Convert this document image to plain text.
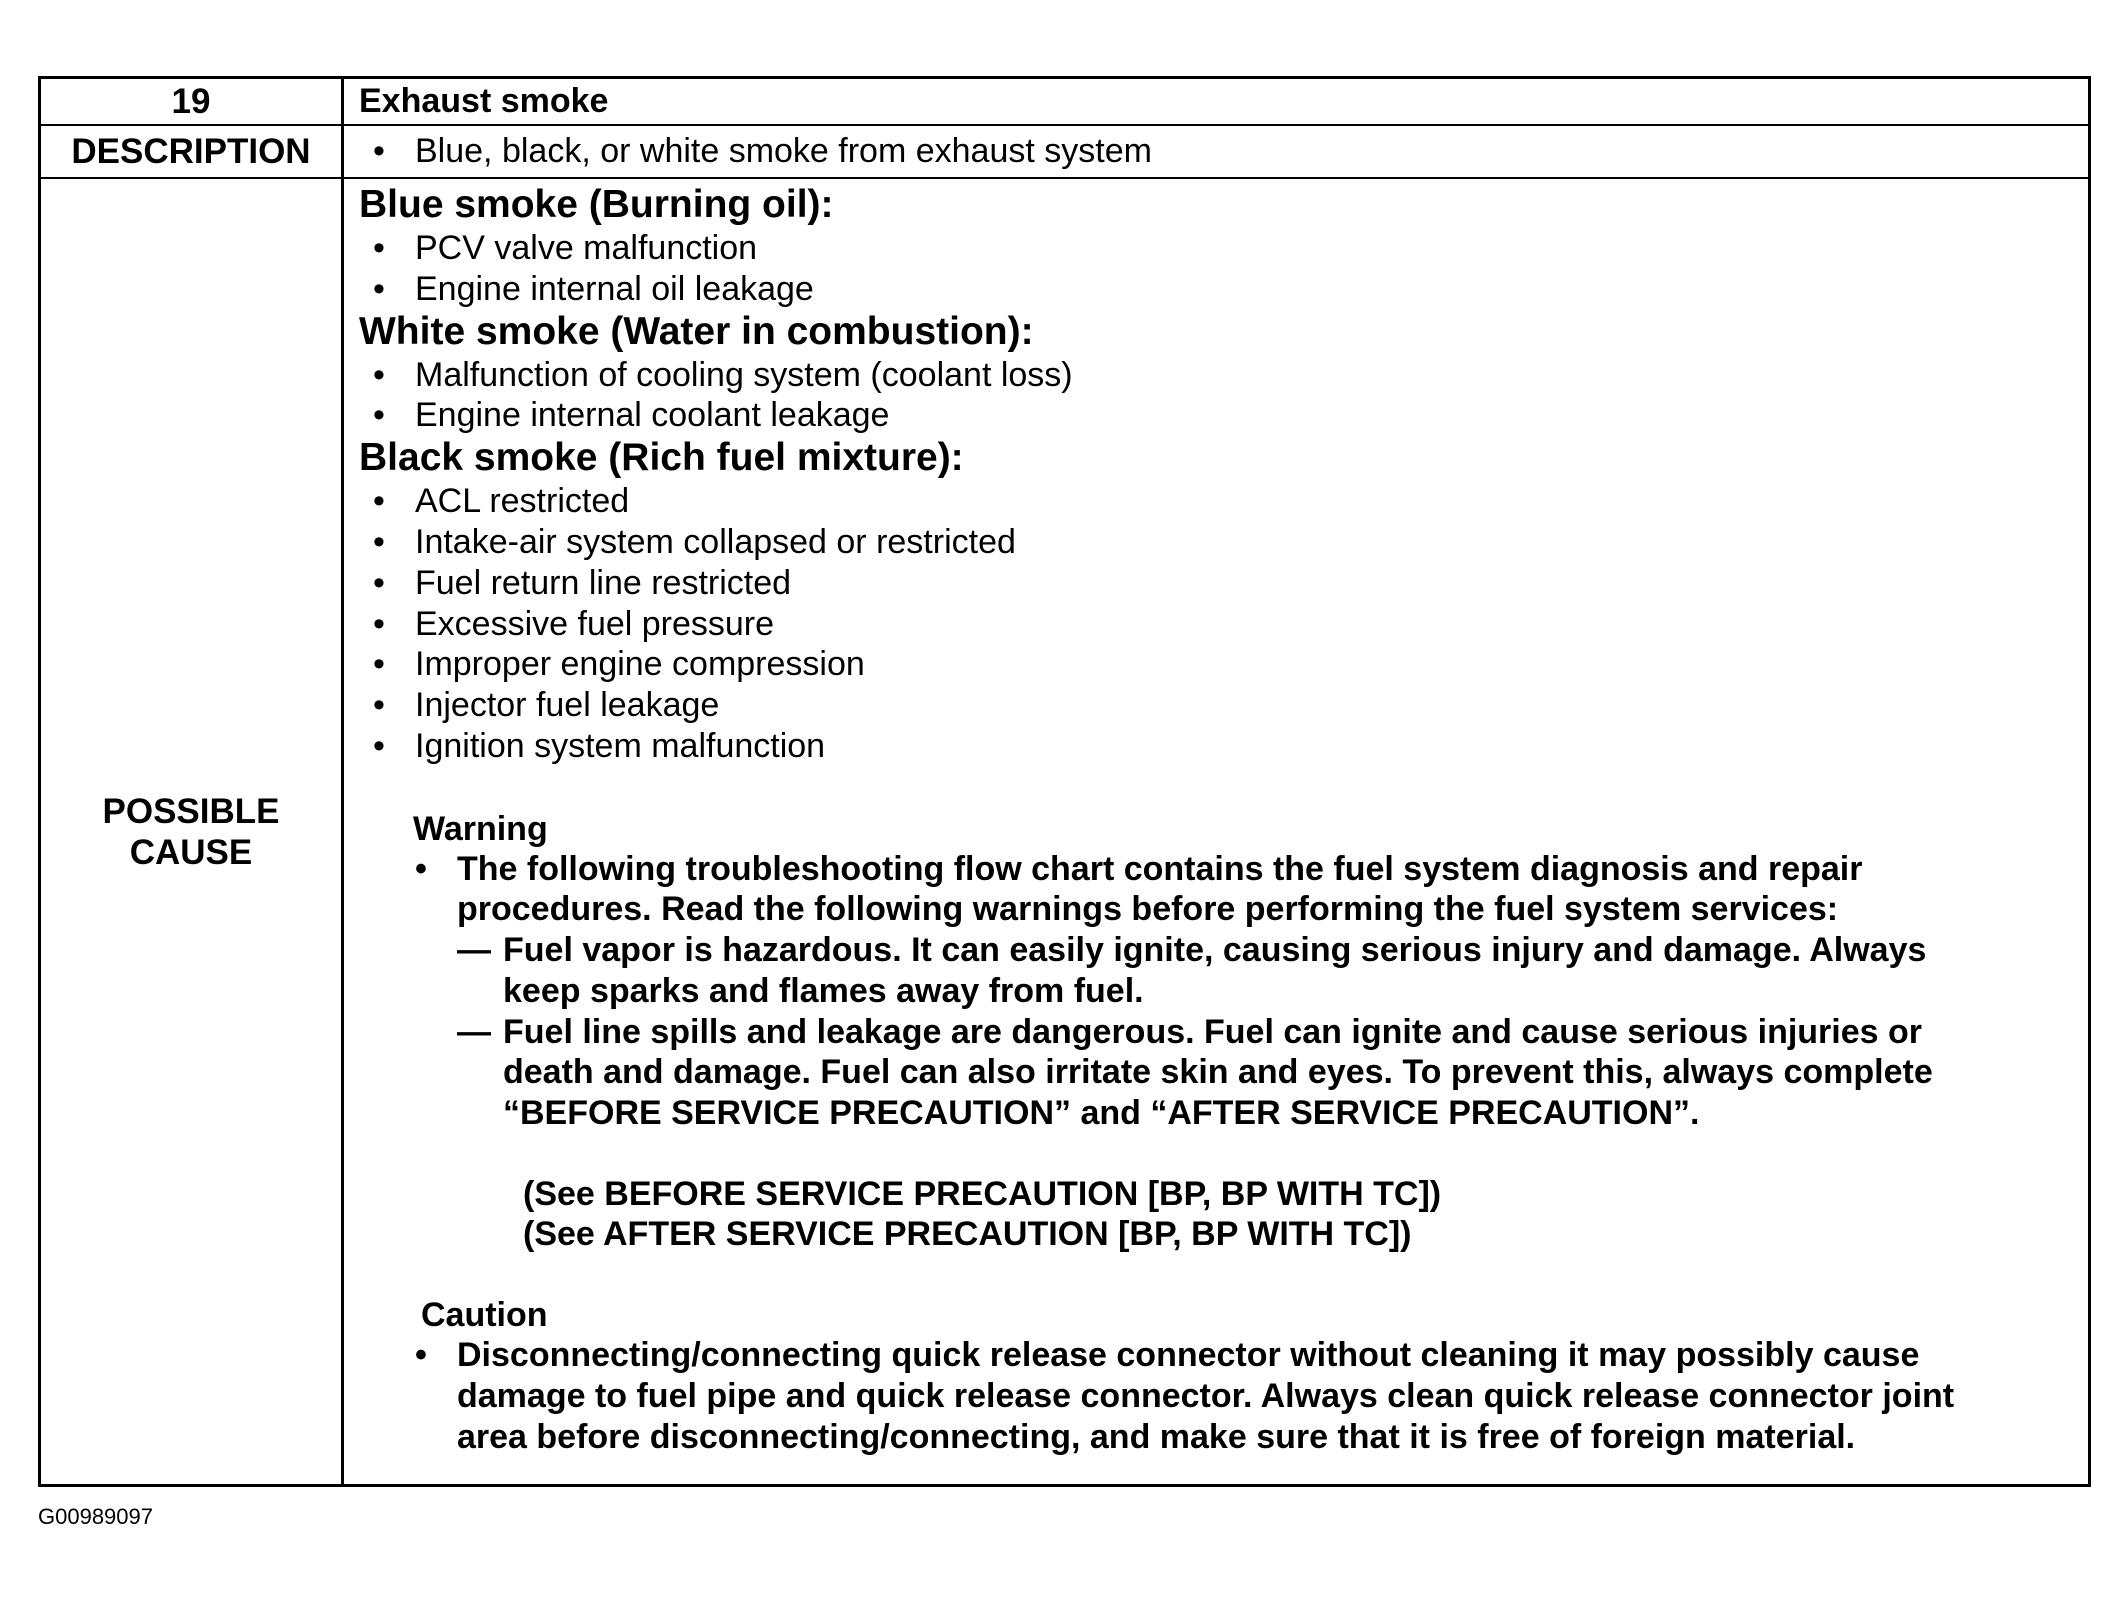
19
DESCRIPTION
POSSIBLE
CAUSE
Exhaust smoke
• Blue, black, or white smoke from exhaust system
Blue smoke (Burning oil):
• PCV valve malfunction
• Engine internal oil leakage
White smoke (Water in combustion):
• Malfunction of cooling system (coolant loss)
• Engine internal coolant leakage
Black smoke (Rich fuel mixture):
• ACL restricted
• Intake-air system collapsed or restricted
• Fuel return line restricted
• Excessive fuel pressure
• Improper engine compression
• Injector fuel leakage
• Ignition system malfunction
Warning
• The following troubleshooting flow chart contains the fuel system diagnosis and repair
procedures. Read the following warnings before performing the fuel system services:
— Fuel vapor is hazardous. It can easily ignite, causing serious injury and damage. Always
keep sparks and flames away from fuel.
— Fuel line spills and leakage are dangerous. Fuel can ignite and cause serious injuries or
death and damage. Fuel can also irritate skin and eyes. To prevent this, always complete
“BEFORE SERVICE PRECAUTION” and “AFTER SERVICE PRECAUTION”.
(See BEFORE SERVICE PRECAUTION [BP, BP WITH TC])
(See AFTER SERVICE PRECAUTION [BP, BP WITH TC])
Caution
• Disconnecting/connecting quick release connector without cleaning it may possibly cause
damage to fuel pipe and quick release connector. Always clean quick release connector joint
area before disconnecting/connecting, and make sure that it is free of foreign material.
G00989097
